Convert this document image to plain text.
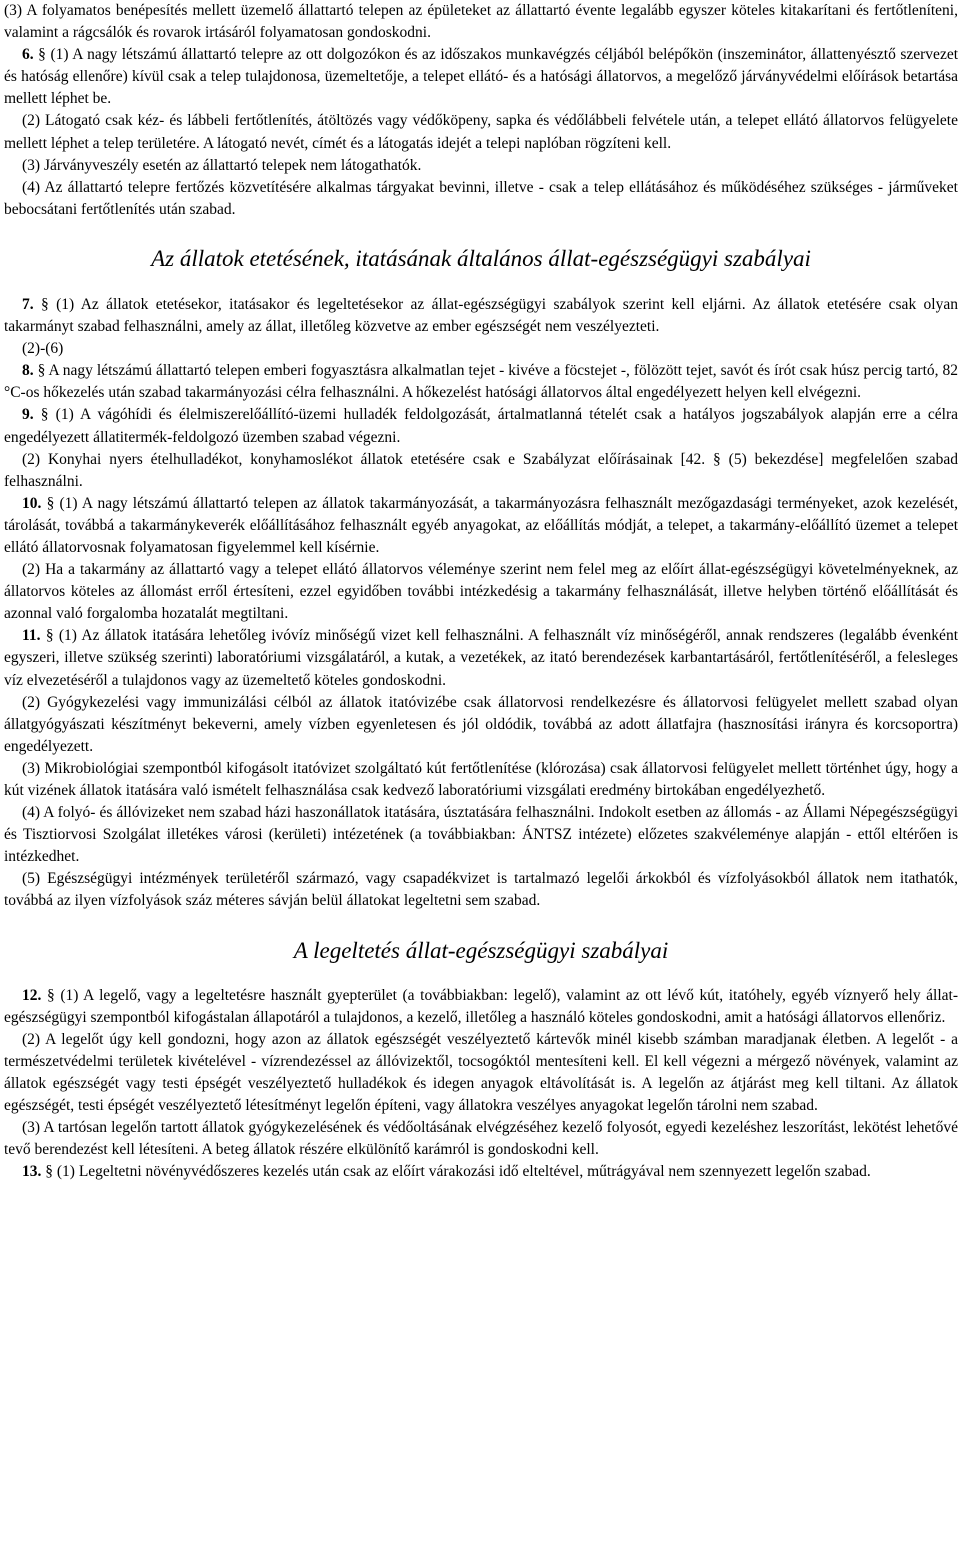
(3) A folyamatos benépesítés mellett üzemelő állattartó telepen az épületeket az állattartó évente legalább egyszer köteles kitakarítani és fertőtleníteni, valamint a rágcsálók és rovarok irtásáról folyamatosan gondoskodni.

6. § (1) A nagy létszámú állattartó telepre az ott dolgozókon és az időszakos munkavégzés céljából belépőkön (inszeminátor, állattenyésztő szervezet és hatóság ellenőre) kívül csak a telep tulajdonosa, üzemeltetője, a telepet ellátó- és a hatósági állatorvos, a megelőző járványvédelmi előírások betartása mellett léphet be.

(2) Látogató csak kéz- és lábbeli fertőtlenítés, átöltözés vagy védőköpeny, sapka és védőlábbeli felvétele után, a telepet ellátó állatorvos felügyelete mellett léphet a telep területére. A látogató nevét, címét és a látogatás idejét a telepi naplóban rögzíteni kell.

(3) Járványveszély esetén az állattartó telepek nem látogathatók.

(4) Az állattartó telepre fertőzés közvetítésére alkalmas tárgyakat bevinni, illetve - csak a telep ellátásához és működéséhez szükséges - járműveket bebocsátani fertőtlenítés után szabad.

Az állatok etetésének, itatásának általános állat-egészségügyi szabályai

7. § (1) Az állatok etetésekor, itatásakor és legeltetésekor az állat-egészségügyi szabályok szerint kell eljárni. Az állatok etetésére csak olyan takarmányt szabad felhasználni, amely az állat, illetőleg közvetve az ember egészségét nem veszélyezteti.

(2)-(6)

8. § A nagy létszámú állattartó telepen emberi fogyasztásra alkalmatlan tejet - kivéve a föcstejet -, fölözött tejet, savót és írót csak húsz percig tartó, 82 °C-os hőkezelés után szabad takarmányozási célra felhasználni. A hőkezelést hatósági állatorvos által engedélyezett helyen kell elvégezni.

9. § (1) A vágóhídi és élelmiszerelőállító-üzemi hulladék feldolgozását, ártalmatlanná tételét csak a hatályos jogszabályok alapján erre a célra engedélyezett állatitermék-feldolgozó üzemben szabad végezni.

(2) Konyhai nyers ételhulladékot, konyhamoslékot állatok etetésére csak e Szabályzat előírásainak [42. § (5) bekezdése] megfelelően szabad felhasználni.

10. § (1) A nagy létszámú állattartó telepen az állatok takarmányozását, a takarmányozásra felhasznált mezőgazdasági terményeket, azok kezelését, tárolását, továbbá a takarmánykeverék előállításához felhasznált egyéb anyagokat, az előállítás módját, a telepet, a takarmány-előállító üzemet a telepet ellátó állatorvosnak folyamatosan figyelemmel kell kísérnie.

(2) Ha a takarmány az állattartó vagy a telepet ellátó állatorvos véleménye szerint nem felel meg az előírt állat-egészségügyi követelményeknek, az állatorvos köteles az állomást erről értesíteni, ezzel egyidőben további intézkedésig a takarmány felhasználását, illetve helyben történő előállítását és azonnal való forgalomba hozatalát megtiltani.

11. § (1) Az állatok itatására lehetőleg ivóvíz minőségű vizet kell felhasználni. A felhasznált víz minőségéről, annak rendszeres (legalább évenként egyszeri, illetve szükség szerinti) laboratóriumi vizsgálatáról, a kutak, a vezetékek, az itató berendezések karbantartásáról, fertőtlenítéséről, a felesleges víz elvezetéséről a tulajdonos vagy az üzemeltető köteles gondoskodni.

(2) Gyógykezelési vagy immunizálási célból az állatok itatóvizébe csak állatorvosi rendelkezésre és állatorvosi felügyelet mellett szabad olyan állatgyógyászati készítményt bekeverni, amely vízben egyenletesen és jól oldódik, továbbá az adott állatfajra (hasznosítási irányra és korcsoportra) engedélyezett.

(3) Mikrobiológiai szempontból kifogásolt itatóvizet szolgáltató kút fertőtlenítése (klórozása) csak állatorvosi felügyelet mellett történhet úgy, hogy a kút vizének állatok itatására való ismételt felhasználása csak kedvező laboratóriumi vizsgálati eredmény birtokában engedélyezhető.

(4) A folyó- és állóvizeket nem szabad házi haszonállatok itatására, úsztatására felhasználni. Indokolt esetben az állomás - az Állami Népegészségügyi és Tisztiorvosi Szolgálat illetékes városi (kerületi) intézetének (a továbbiakban: ÁNTSZ intézete) előzetes szakvéleménye alapján - ettől eltérően is intézkedhet.

(5) Egészségügyi intézmények területéről származó, vagy csapadékvizet is tartalmazó legelői árkokból és vízfolyásokból állatok nem itathatók, továbbá az ilyen vízfolyások száz méteres sávján belül állatokat legeltetni sem szabad.

A legeltetés állat-egészségügyi szabályai

12. § (1) A legelő, vagy a legeltetésre használt gyepterület (a továbbiakban: legelő), valamint az ott lévő kút, itatóhely, egyéb víznyerő hely állat-egészségügyi szempontból kifogástalan állapotáról a tulajdonos, a kezelő, illetőleg a használó köteles gondoskodni, amit a hatósági állatorvos ellenőriz.

(2) A legelőt úgy kell gondozni, hogy azon az állatok egészségét veszélyeztető kártevők minél kisebb számban maradjanak életben. A legelőt - a természetvédelmi területek kivételével - vízrendezéssel az állóvizektől, tocsogóktól mentesíteni kell. El kell végezni a mérgező növények, valamint az állatok egészségét vagy testi épségét veszélyeztető hulladékok és idegen anyagok eltávolítását is. A legelőn az átjárást meg kell tiltani. Az állatok egészségét, testi épségét veszélyeztető létesítményt legelőn építeni, vagy állatokra veszélyes anyagokat legelőn tárolni nem szabad.

(3) A tartósan legelőn tartott állatok gyógykezelésének és védőoltásának elvégzéséhez kezelő folyosót, egyedi kezeléshez leszorítást, lekötést lehetővé tevő berendezést kell létesíteni. A beteg állatok részére elkülönítő karámról is gondoskodni kell.

13. § (1) Legeltetni növényvédőszeres kezelés után csak az előírt várakozási idő elteltével, műtrágyával nem szennyezett legelőn szabad.
